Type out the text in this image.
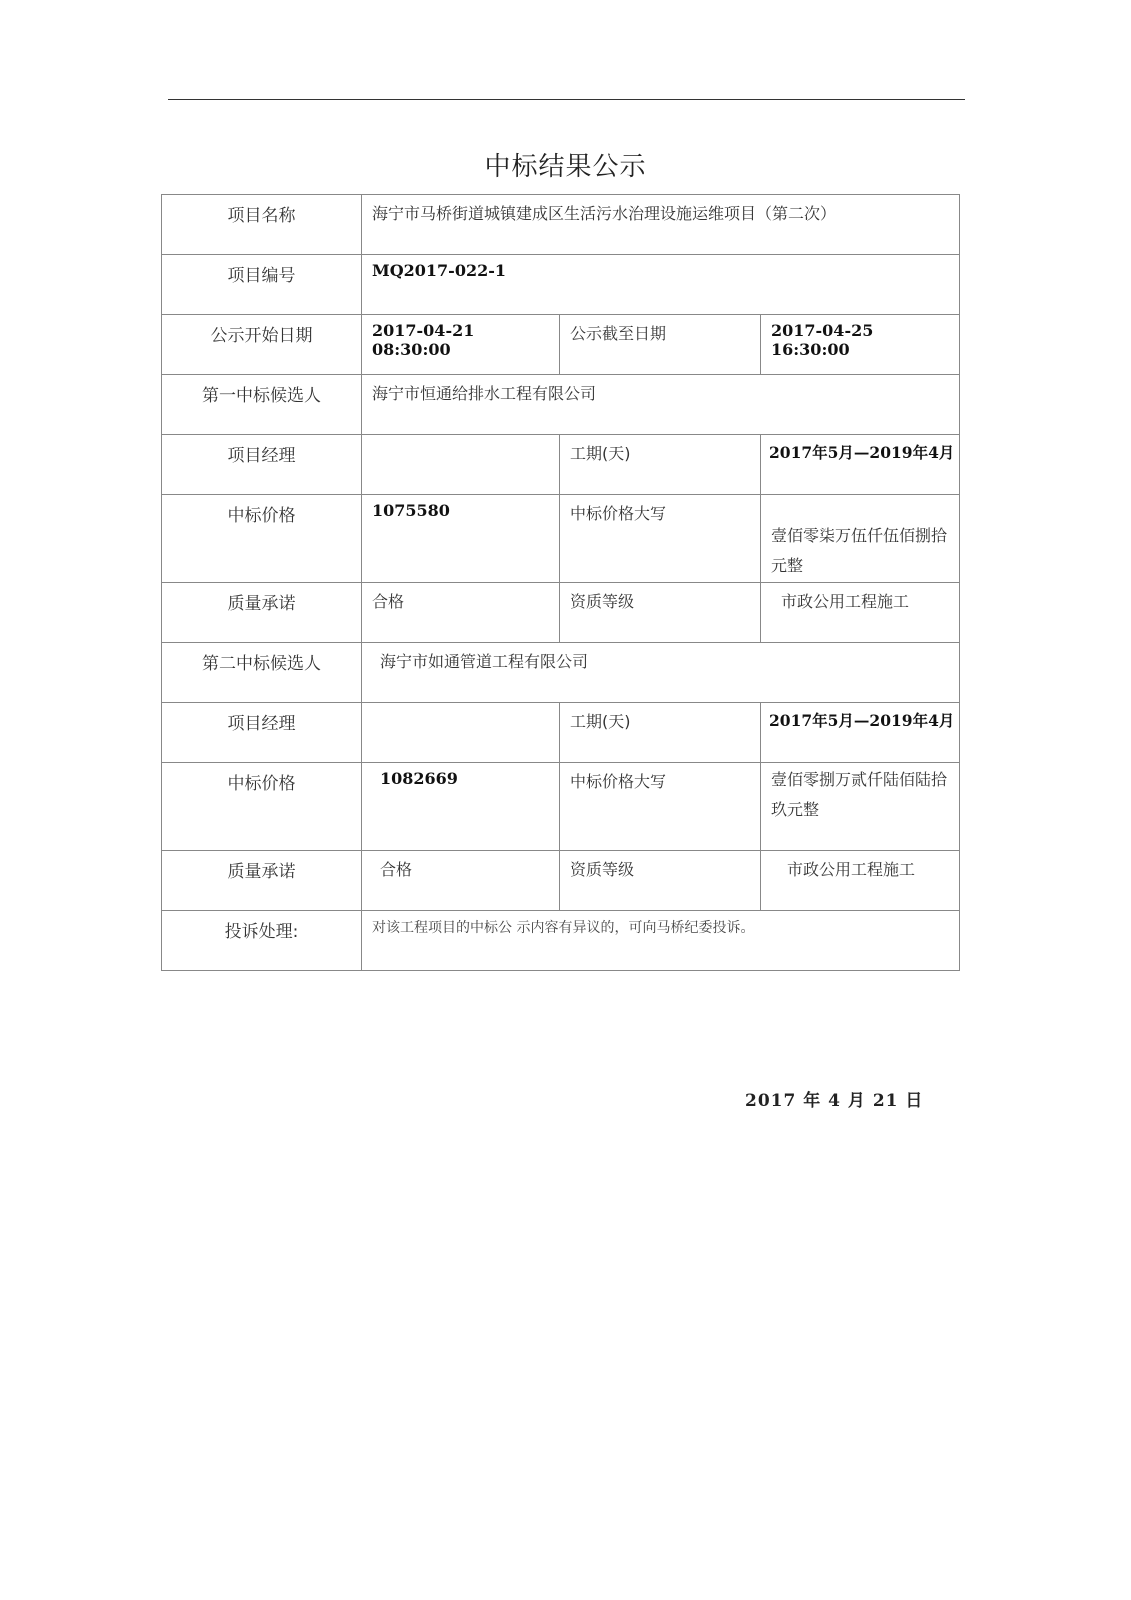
中标结果公示
项目名称	海宁市马桥街道城镇建成区生活污水治理设施运维项目（第二次）		
项目编号	MQ2017-022-1		
公示开始日期	2017-04-21 08:30:00	公示截至日期	2017-04-25 16:30:00
第一中标候选人	海宁市恒通给排水工程有限公司		
项目经理		工期(天)	2017年5月—2019年4月
中标价格	1075580	中标价格大写	壹佰零柒万伍仟伍佰捌拾元整
质量承诺	合格	资质等级	市政公用工程施工
第二中标候选人	海宁市如通管道工程有限公司		
项目经理		工期(天)	2017年5月—2019年4月
中标价格	1082669	中标价格大写	壹佰零捌万贰仟陆佰陆拾玖元整
质量承诺	合格	资质等级	市政公用工程施工
投诉处理:	对该工程项目的中标公 示内容有异议的，可向马桥纪委投诉。		
2017 年 4 月 21 日
